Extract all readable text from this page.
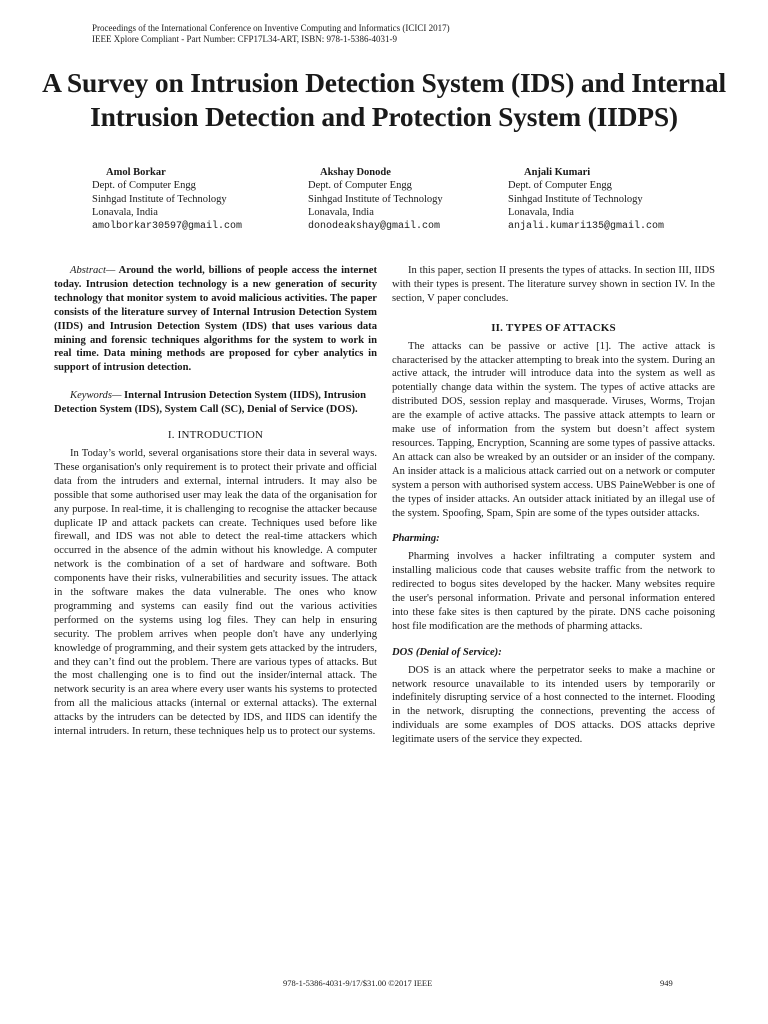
Proceedings of the International Conference on Inventive Computing and Informatics (ICICI 2017)
IEEE Xplore Compliant - Part Number: CFP17L34-ART, ISBN: 978-1-5386-4031-9
A Survey on Intrusion Detection System (IDS) and Internal Intrusion Detection and Protection System (IIDPS)
Amol Borkar
Dept. of Computer Engg
Sinhgad Institute of Technology
Lonavala, India
amolborkar30597@gmail.com
Akshay Donode
Dept. of Computer Engg
Sinhgad Institute of Technology
Lonavala, India
donodeakshay@gmail.com
Anjali Kumari
Dept. of Computer Engg
Sinhgad Institute of Technology
Lonavala, India
anjali.kumari135@gmail.com

Abstract— Around the world, billions of people access the internet today. Intrusion detection technology is a new generation of security technology that monitor system to avoid malicious activities. The paper consists of the literature survey of Internal Intrusion Detection System (IIDS) and Intrusion Detection System (IDS) that uses various data mining and forensic techniques algorithms for the system to work in real time. Data mining methods are proposed for cyber analytics in support of intrusion detection.

Keywords— Internal Intrusion Detection System (IIDS), Intrusion Detection System (IDS), System Call (SC), Denial of Service (DOS).

I. INTRODUCTION

In Today’s world, several organisations store their data in several ways. These organisation's only requirement is to protect their private and official data from the intruders and external, internal intruders. It may also be possible that some authorised user may leak the data of the organisation for any purpose. In real-time, it is challenging to recognise the attacker because duplicate IP and attack packets can create. Techniques used before like firewall, and IDS was not able to detect the real-time attackers which occurred in the absence of the admin without his knowledge. A computer network is the combination of a set of hardware and software. Both components have their risks, vulnerabilities and security issues. The attack in the software makes the data vulnerable. The ones who know programming and systems can easily find out the various activities performed on the systems using log files. They can help in ensuring security. The problem arrives when people don't have any underlying knowledge of programming, and their system gets attacked by the intruders, and they can’t find out the problem. There are various types of attacks. But the most challenging one is to find out the insider/internal attack. The network security is an area where every user wants his systems to protected from all the malicious attacks (internal or external attacks). The external attacks by the intruders can be detected by IDS, and IIDS can identify the internal intruders. In return, these techniques help us to protect our systems.

In this paper, section II presents the types of attacks. In section III, IIDS with their types is present. The literature survey shown in section IV. In the section, V paper concludes.

II. TYPES OF ATTACKS

The attacks can be passive or active [1]. The active attack is characterised by the attacker attempting to break into the system. During an active attack, the intruder will introduce data into the system as well as potentially change data within the system. The types of active attacks are distributed DOS, session replay and masquerade. Viruses, Worms, Trojan are the example of active attacks. The passive attack attempts to learn or make use of information from the system but doesn’t affect system resources. Tapping, Encryption, Scanning are some types of passive attacks. An attack can also be wreaked by an outsider or an insider of the company. An insider attack is a malicious attack carried out on a network or computer system a person with authorised system access. UBS PaineWebber is one of the types of insider attacks. An outsider attack initiated by an illegal use of the system. Spoofing, Spam, Spin are some of the types outsider attacks.

Pharming:

Pharming involves a hacker infiltrating a computer system and installing malicious code that causes website traffic from the network to redirected to bogus sites developed by the hacker. Many websites require the user's personal information. Private and personal information entered into these fake sites is then captured by the pirate. DNS cache poisoning host file modification are the methods of pharming attacks.

DOS (Denial of Service):

DOS is an attack where the perpetrator seeks to make a machine or network resource unavailable to its intended users by temporarily or indefinitely disrupting service of a host connected to the internet. Flooding in the network, disrupting the connections, preventing the access of individuals are some examples of DOS attacks. DOS attacks deprive legitimate users of the service they expected.

978-1-5386-4031-9/17/$31.00 ©2017 IEEE	949
